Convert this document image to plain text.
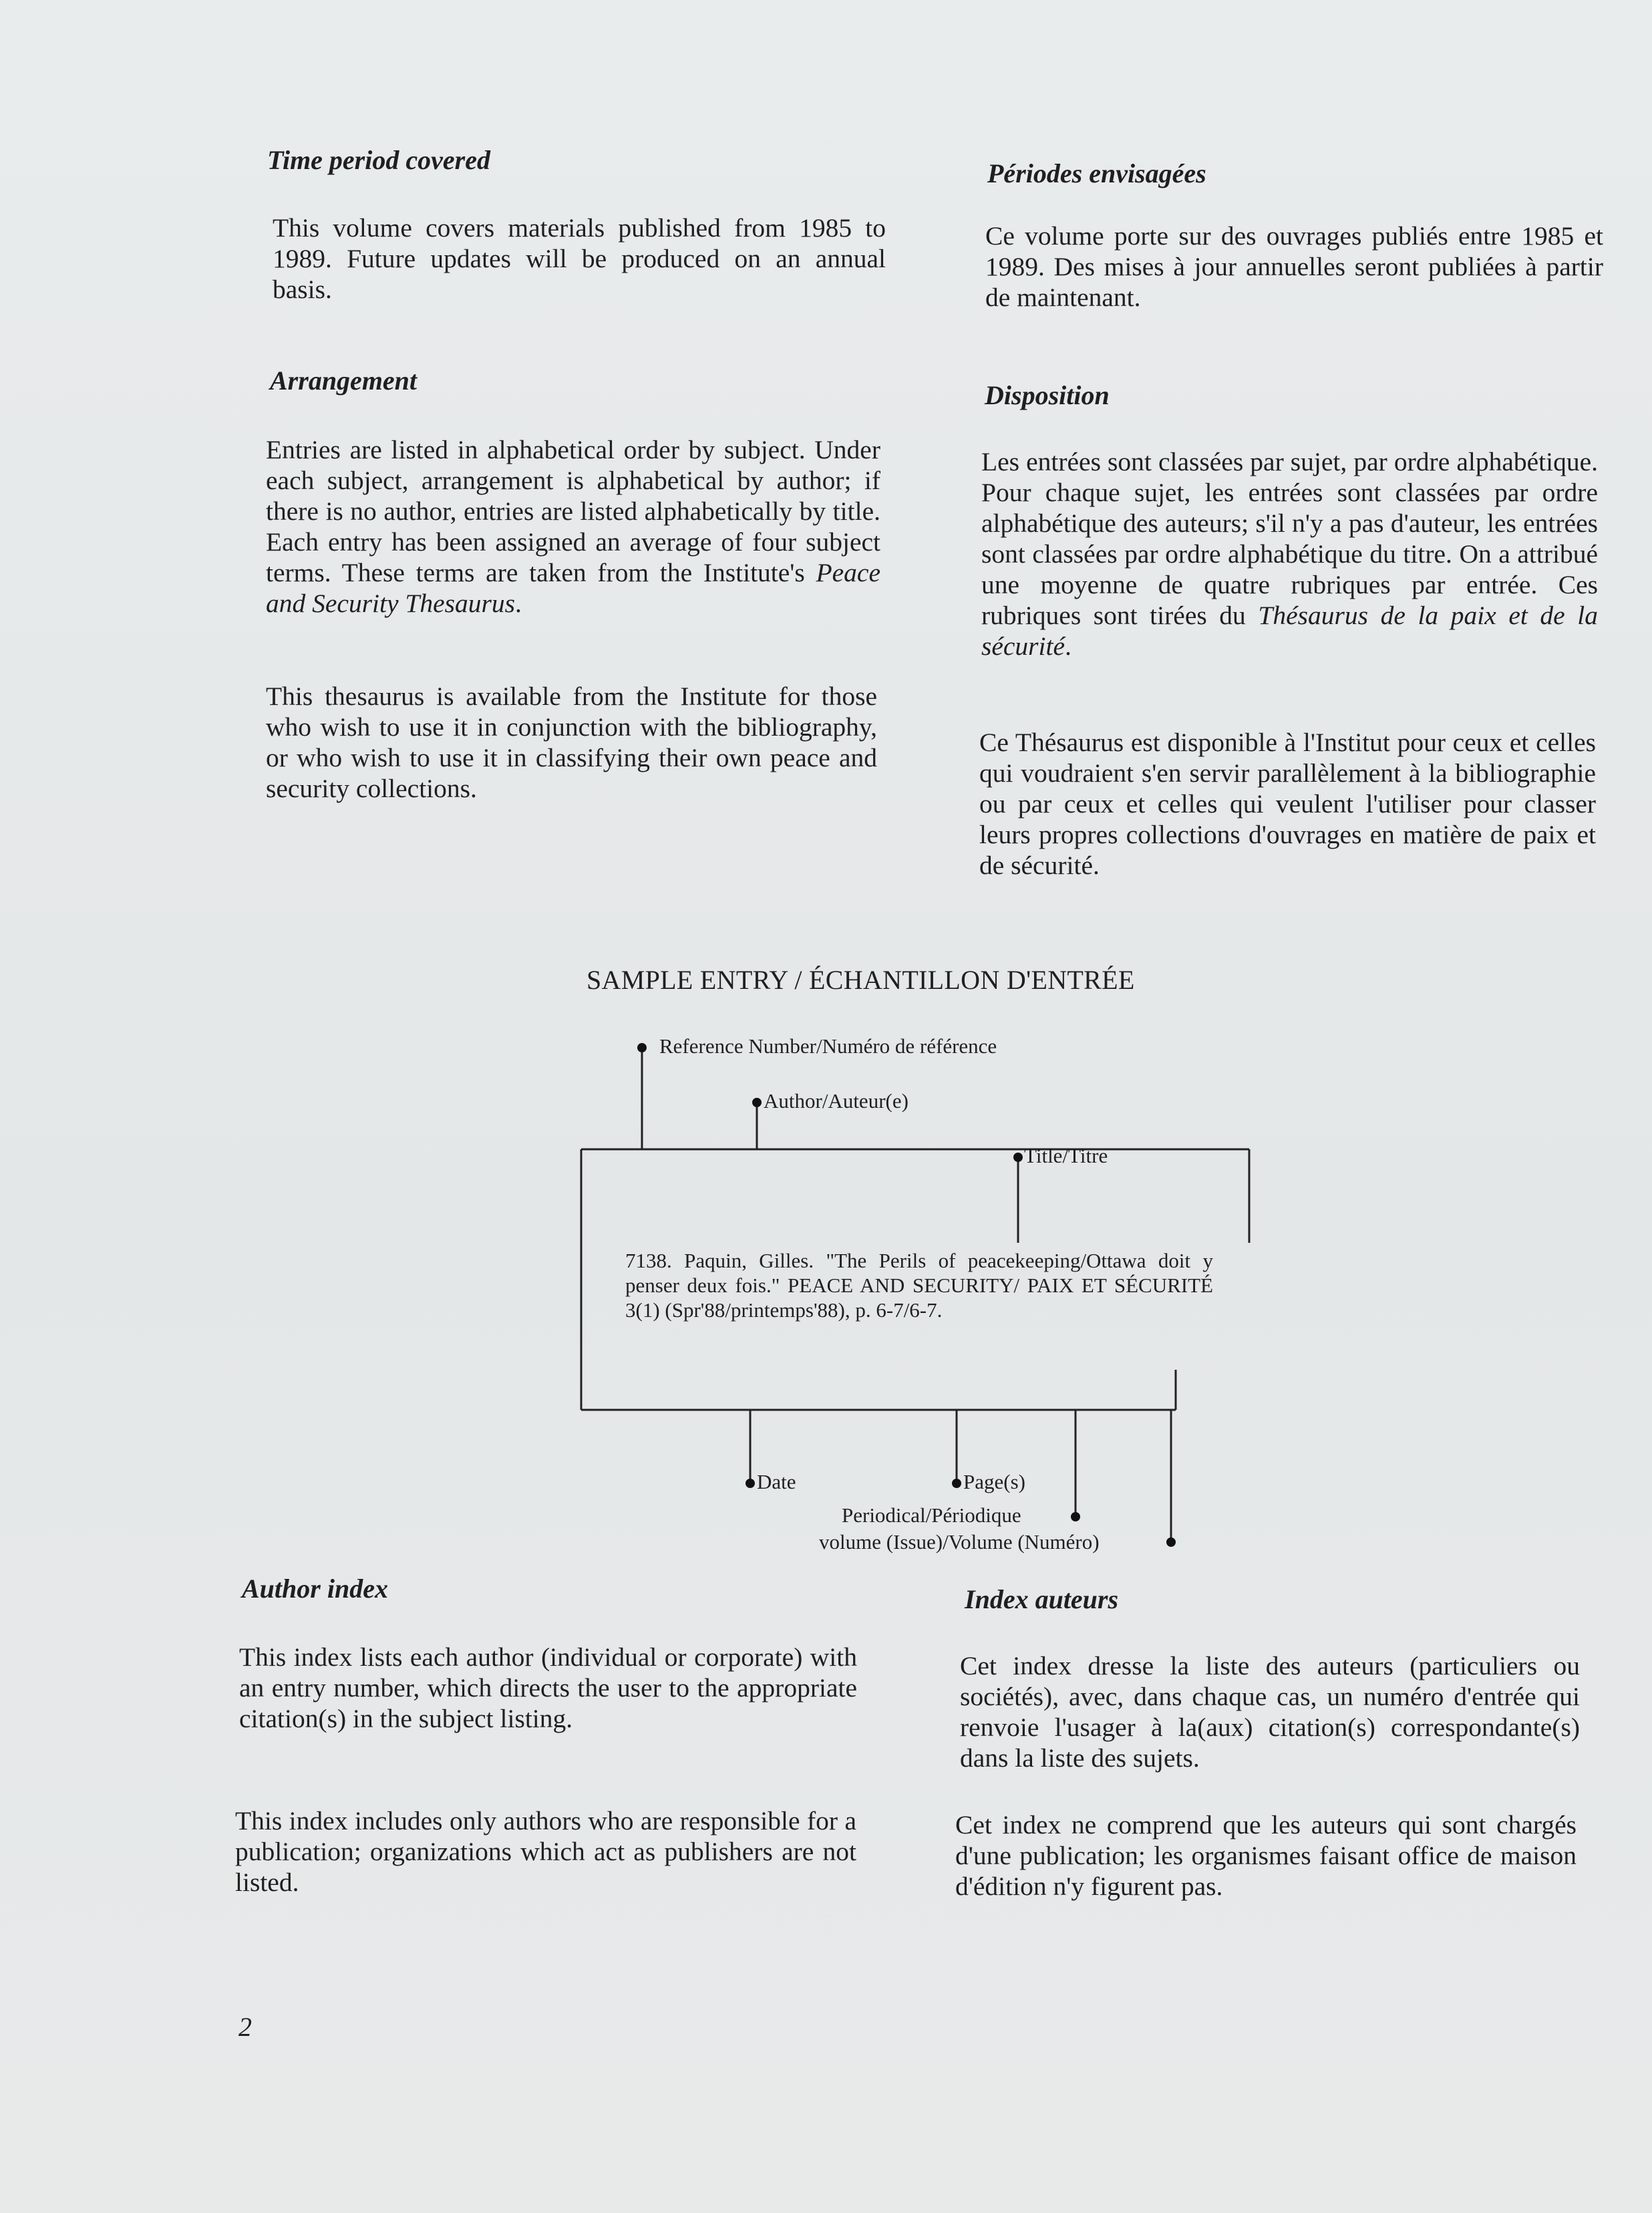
Time period covered

This volume covers materials published from 1985 to 1989. Future updates will be produced on an annual basis.

Arrangement

Entries are listed in alphabetical order by subject. Under each subject, arrangement is alphabetical by author; if there is no author, entries are listed alphabetically by title. Each entry has been assigned an average of four subject terms. These terms are taken from the Institute's Peace and Security Thesaurus.

This thesaurus is available from the Institute for those who wish to use it in conjunction with the bibliography, or who wish to use it in classifying their own peace and security collections.

Author index

This index lists each author (individual or corporate) with an entry number, which directs the user to the appropriate citation(s) in the subject listing.

This index includes only authors who are responsible for a publication; organizations which act as publishers are not listed.

Périodes envisagées

Ce volume porte sur des ouvrages publiés entre 1985 et 1989. Des mises à jour annuelles seront publiées à partir de maintenant.

Disposition

Les entrées sont classées par sujet, par ordre alphabétique. Pour chaque sujet, les entrées sont classées par ordre alphabétique des auteurs; s'il n'y a pas d'auteur, les entrées sont classées par ordre alphabétique du titre. On a attribué une moyenne de quatre rubriques par entrée. Ces rubriques sont tirées du Thésaurus de la paix et de la sécurité.

Ce Thésaurus est disponible à l'Institut pour ceux et celles qui voudraient s'en servir parallèlement à la bibliographie ou par ceux et celles qui veulent l'utiliser pour classer leurs propres collections d'ouvrages en matière de paix et de sécurité.

Index auteurs

Cet index dresse la liste des auteurs (particuliers ou sociétés), avec, dans chaque cas, un numéro d'entrée qui renvoie l'usager à la(aux) citation(s) correspondante(s) dans la liste des sujets.

Cet index ne comprend que les auteurs qui sont chargés d'une publication; les organismes faisant office de maison d'édition n'y figurent pas.

SAMPLE ENTRY / ÉCHANTILLON D'ENTRÉE
Reference Number/Numéro de référence
Author/Auteur(e)
Title/Titre
7138. Paquin, Gilles. "The Perils of peacekeeping/Ottawa doit y penser deux fois." PEACE AND SECURITY/ PAIX ET SÉCURITÉ 3(1) (Spr'88/printemps'88), p. 6-7/6-7.
Date	Page(s)
Periodical/Périodique
volume (Issue)/Volume (Numéro)
2
